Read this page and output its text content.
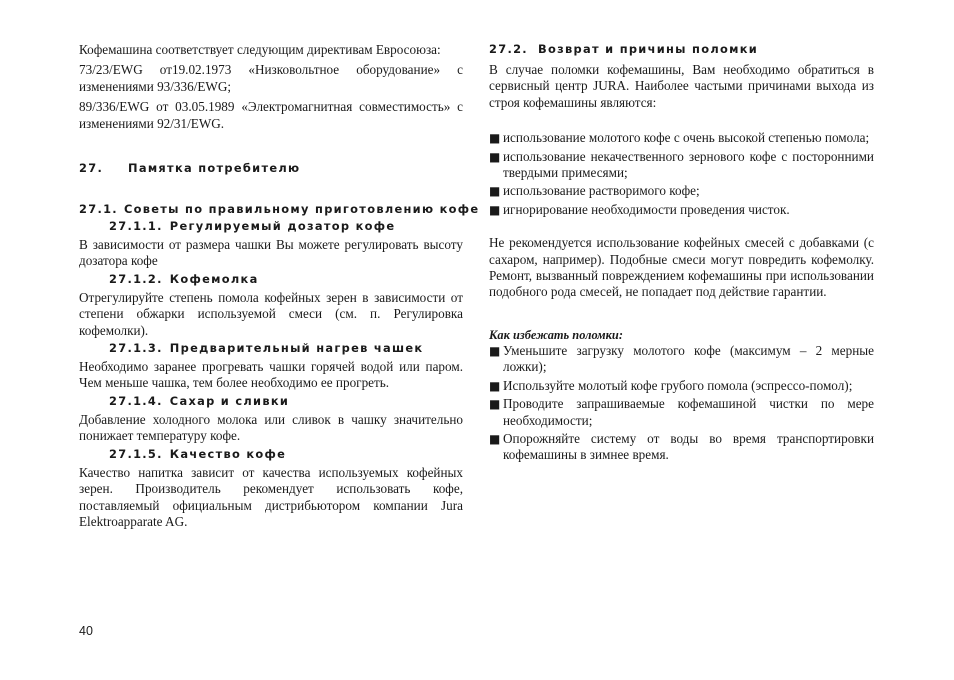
Кофемашина соответствует следующим директивам Евросоюза:

73/23/EWG от19.02.1973 «Низковольтное оборудование» с изменениями 93/336/EWG;

89/336/EWG от 03.05.1989 «Электромагнитная совместимость» с изменениями 92/31/EWG.

27. Памятка потребителю
27.1. Советы по правильному приготовлению кофе
27.1.1. Регулируемый дозатор кофе

В зависимости от размера чашки Вы можете регулировать высоту дозатора кофе

27.1.2. Кофемолка

Отрегулируйте степень помола кофейных зерен в зависимости от степени обжарки используемой смеси (см. п. Регулировка кофемолки).

27.1.3. Предварительный нагрев чашек

Необходимо заранее прогревать чашки горячей водой или паром. Чем меньше чашка, тем более необходимо ее прогреть.

27.1.4. Сахар и сливки

Добавление холодного молока или сливок в чашку значительно понижает температуру кофе.

27.1.5. Качество кофе

Качество напитка зависит от качества используемых кофейных зерен. Производитель рекомендует использовать кофе, поставляемый официальным дистрибьютором компании Jura Elektroapparate AG.

27.2. Возврат и причины поломки

В случае поломки кофемашины, Вам необходимо обратиться в сервисный центр JURA. Наиболее частыми причинами выхода из строя кофемашины являются:

■ использование молотого кофе с очень высокой степенью помола;
■ использование некачественного зернового кофе с посторонними твердыми примесями;
■ использование растворимого кофе;
■ игнорирование необходимости проведения чисток.

Не рекомендуется использование кофейных смесей с добавками (с сахаром, например). Подобные смеси могут повредить кофемолку. Ремонт, вызванный повреждением кофемашины при использовании подобного рода смесей, не попадает под действие гарантии.

Как избежать поломки:
■ Уменьшите загрузку молотого кофе (максимум – 2 мерные ложки);
■ Используйте молотый кофе грубого помола (эспрессо-помол);
■ Проводите запрашиваемые кофемашиной чистки по мере необходимости;
■ Опорожняйте систему от воды во время транспортировки кофемашины в зимнее время.
40
